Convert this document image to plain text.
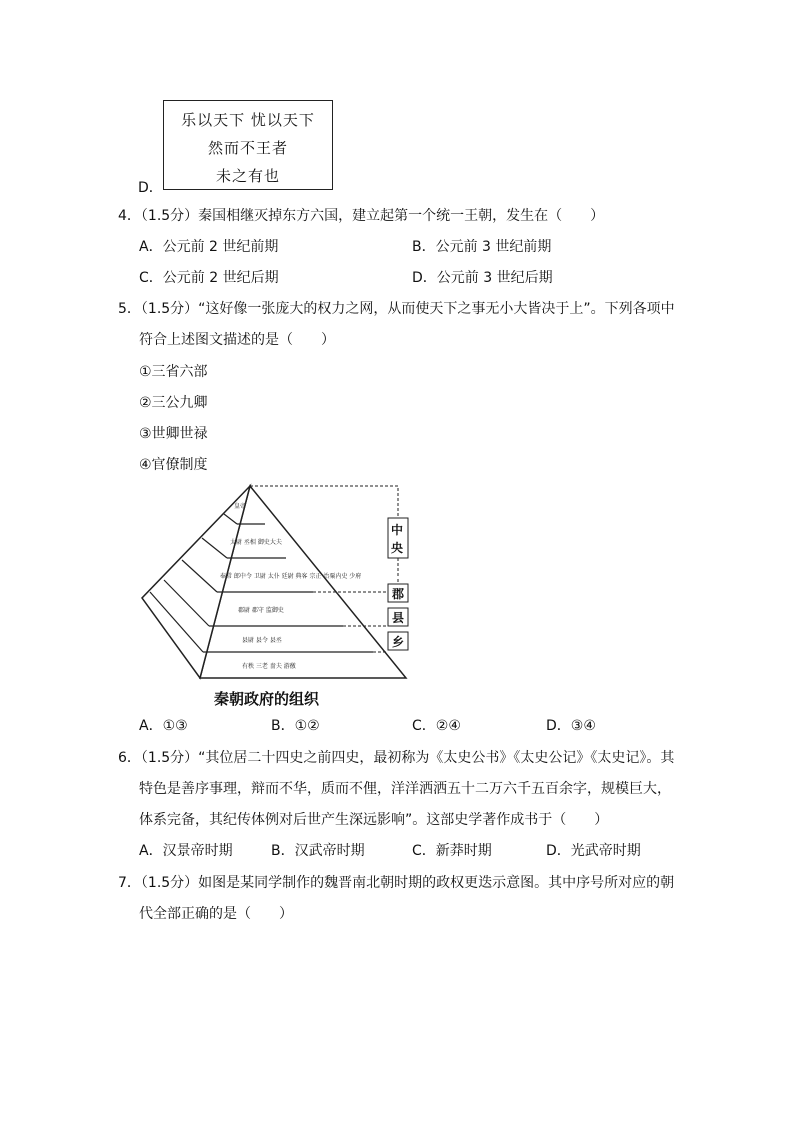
D．
乐以天下 忧以天下
然而不王者
未之有也
4．（1.5分）秦国相继灭掉东方六国，建立起第一个统一王朝，发生在（　　）
A．公元前 2 世纪前期	B．公元前 3 世纪前期
C．公元前 2 世纪后期	D．公元前 3 世纪后期
5．（1.5分）“这好像一张庞大的权力之网，从而使天下之事无小大皆决于上”。下列各项中
符合上述图文描述的是（　　）
①三省六部
②三公九卿
③世卿世禄
④官僚制度
皇帝
太尉 丞相 御史大夫
奉常 郎中令 卫尉 太仆 廷尉 典客 宗正 治粟内史 少府
郡尉 郡守 监御史
县尉 县令 县丞
有秩 三老 啬夫 游徼
中
央
郡
县
乡
秦朝政府的组织
A．①③	B．①②	C．②④	D．③④
6．（1.5分）“其位居二十四史之前四史，最初称为《太史公书》《太史公记》《太史记》。其
特色是善序事理，辩而不华，质而不俚，洋洋洒洒五十二万六千五百余字，规模巨大，
体系完备，其纪传体例对后世产生深远影响”。这部史学著作成书于（　　）
A．汉景帝时期	B．汉武帝时期	C．新莽时期	D．光武帝时期
7．（1.5分）如图是某同学制作的魏晋南北朝时期的政权更迭示意图。其中序号所对应的朝
代全部正确的是（　　）
